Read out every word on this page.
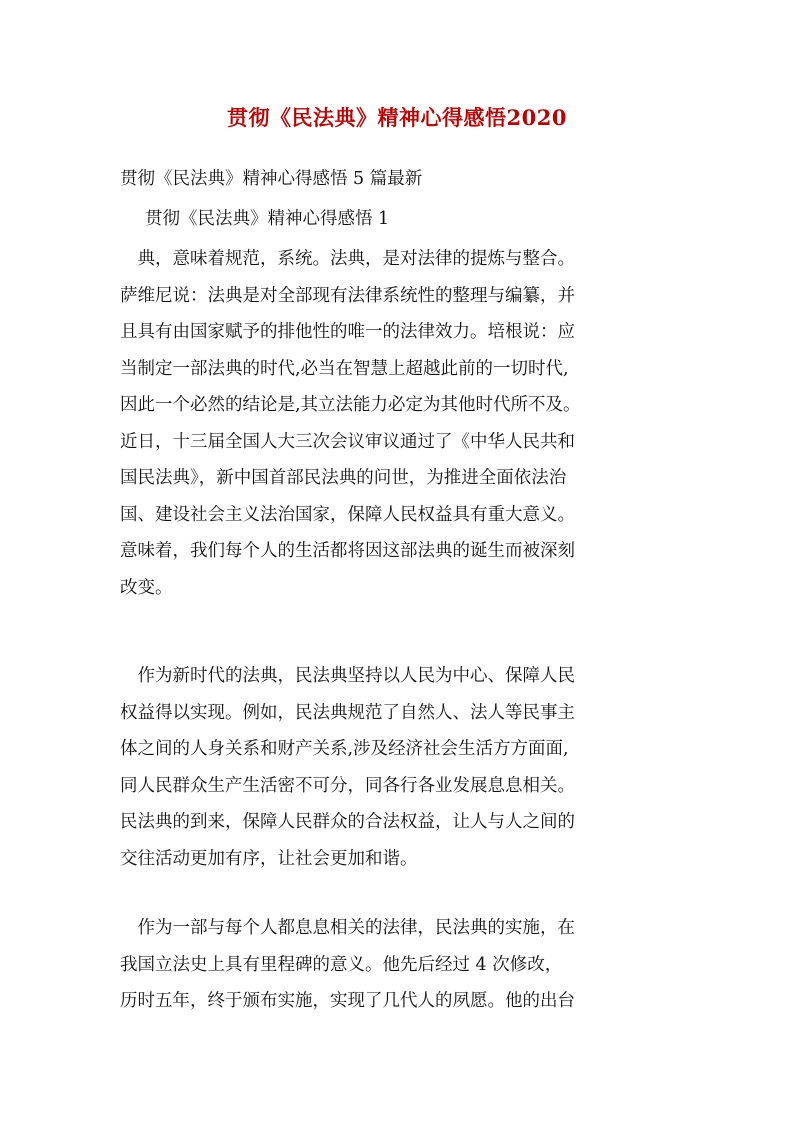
贯彻《民法典》精神心得感悟2020
贯彻《民法典》精神心得感悟 5 篇最新
贯彻《民法典》精神心得感悟 1
　典，意味着规范，系统。法典，是对法律的提炼与整合。
萨维尼说：法典是对全部现有法律系统性的整理与编纂，并
且具有由国家赋予的排他性的唯一的法律效力。培根说：应
当制定一部法典的时代,必当在智慧上超越此前的一切时代,
因此一个必然的结论是,其立法能力必定为其他时代所不及。
近日，十三届全国人大三次会议审议通过了《中华人民共和
国民法典》，新中国首部民法典的问世，为推进全面依法治
国、建设社会主义法治国家，保障人民权益具有重大意义。
意味着，我们每个人的生活都将因这部法典的诞生而被深刻
改变。
　作为新时代的法典，民法典坚持以人民为中心、保障人民
权益得以实现。例如，民法典规范了自然人、法人等民事主
体之间的人身关系和财产关系,涉及经济社会生活方方面面,
同人民群众生产生活密不可分，同各行各业发展息息相关。
民法典的到来，保障人民群众的合法权益，让人与人之间的
交往活动更加有序，让社会更加和谐。
　作为一部与每个人都息息相关的法律，民法典的实施，在
我国立法史上具有里程碑的意义。他先后经过 4 次修改，
历时五年，终于颁布实施，实现了几代人的夙愿。他的出台
